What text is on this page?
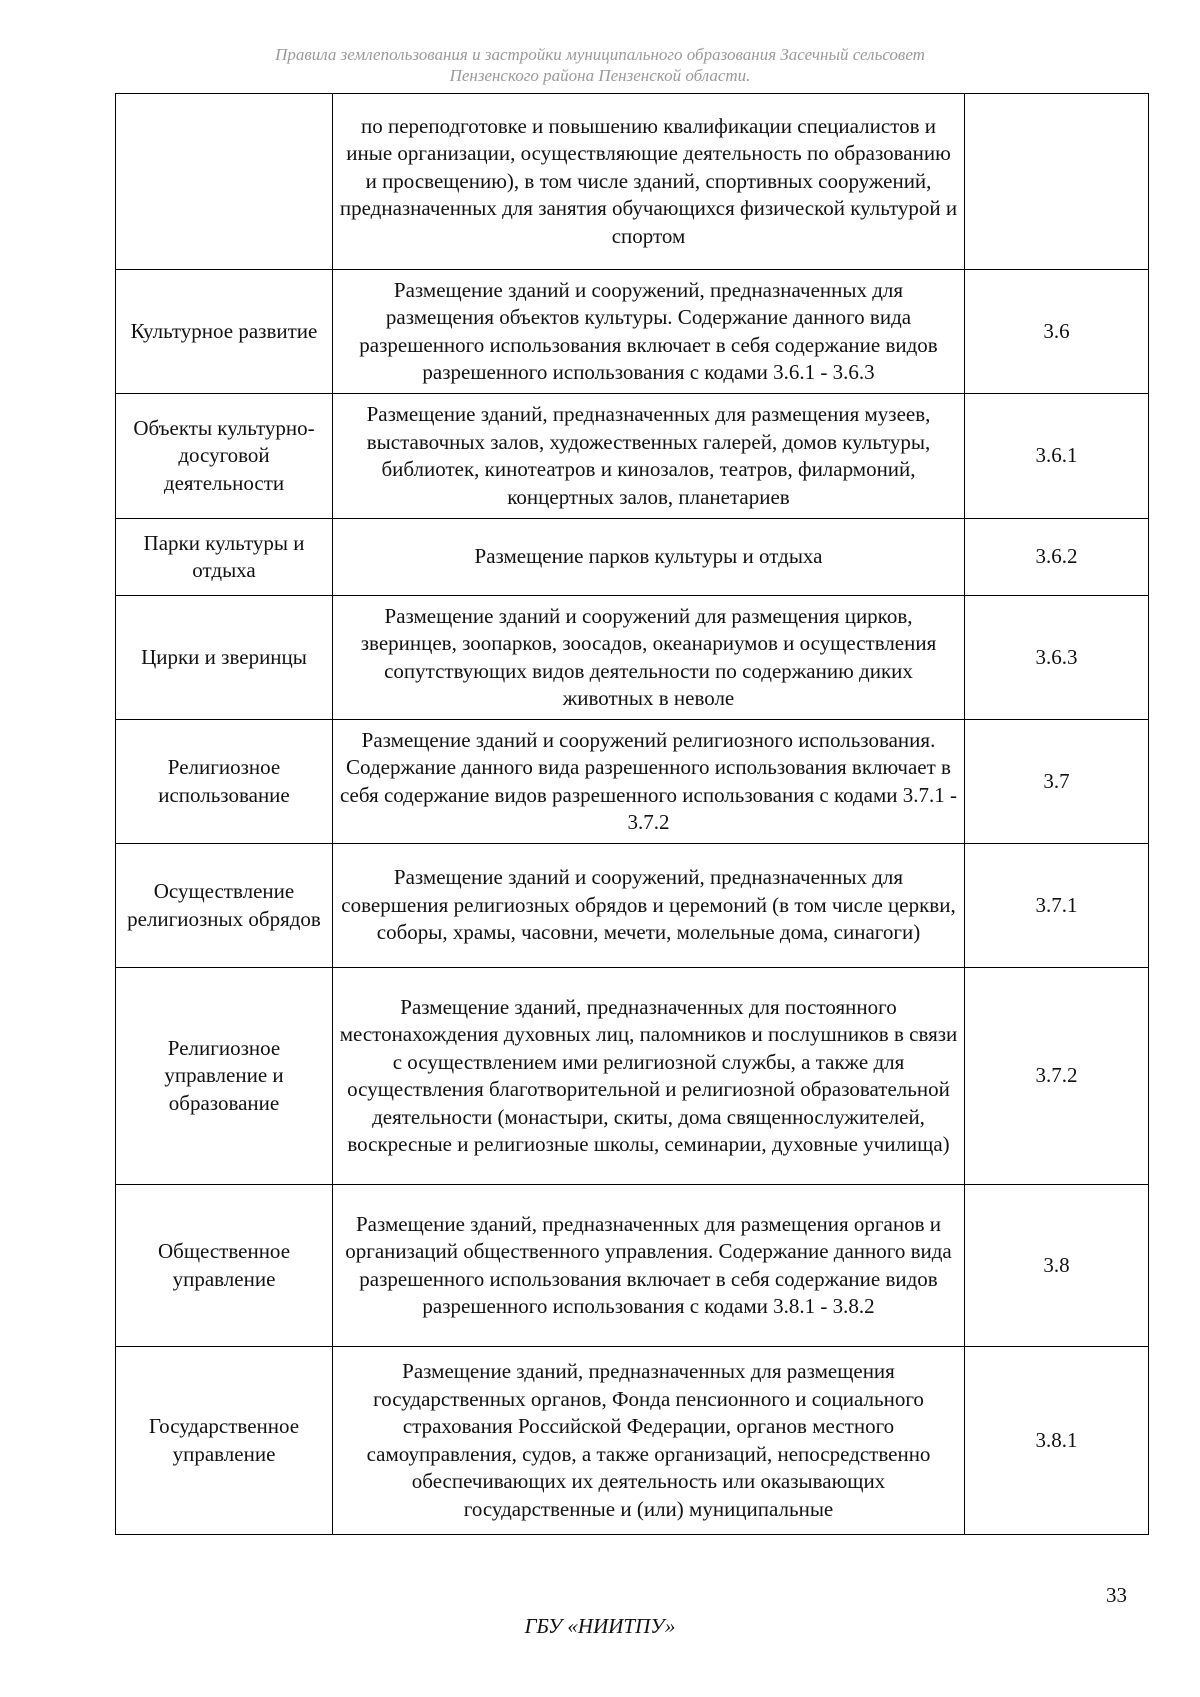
Правила землепользования и застройки муниципального образования Засечный сельсовет
Пензенского района Пензенской области.
	по переподготовке и повышению квалификации специалистов и иные организации, осуществляющие деятельность по образованию и просвещению), в том числе зданий, спортивных сооружений, предназначенных для занятия обучающихся физической культурой и спортом	
Культурное развитие	Размещение зданий и сооружений, предназначенных для размещения объектов культуры. Содержание данного вида разрешенного использования включает в себя содержание видов разрешенного использования с кодами 3.6.1 - 3.6.3	3.6
Объекты культурно-досуговой деятельности	Размещение зданий, предназначенных для размещения музеев, выставочных залов, художественных галерей, домов культуры, библиотек, кинотеатров и кинозалов, театров, филармоний, концертных залов, планетариев	3.6.1
Парки культуры и отдыха	Размещение парков культуры и отдыха	3.6.2
Цирки и зверинцы	Размещение зданий и сооружений для размещения цирков, зверинцев, зоопарков, зоосадов, океанариумов и осуществления сопутствующих видов деятельности по содержанию диких животных в неволе	3.6.3
Религиозное использование	Размещение зданий и сооружений религиозного использования. Содержание данного вида разрешенного использования включает в себя содержание видов разрешенного использования с кодами 3.7.1 - 3.7.2	3.7
Осуществление религиозных обрядов	Размещение зданий и сооружений, предназначенных для совершения религиозных обрядов и церемоний (в том числе церкви, соборы, храмы, часовни, мечети, молельные дома, синагоги)	3.7.1
Религиозное управление и образование	Размещение зданий, предназначенных для постоянного местонахождения духовных лиц, паломников и послушников в связи с осуществлением ими религиозной службы, а также для осуществления благотворительной и религиозной образовательной деятельности (монастыри, скиты, дома священнослужителей, воскресные и религиозные школы, семинарии, духовные училища)	3.7.2
Общественное управление	Размещение зданий, предназначенных для размещения органов и организаций общественного управления. Содержание данного вида разрешенного использования включает в себя содержание видов разрешенного использования с кодами 3.8.1 - 3.8.2	3.8
Государственное управление	Размещение зданий, предназначенных для размещения государственных органов, Фонда пенсионного и социального страхования Российской Федерации, органов местного самоуправления, судов, а также организаций, непосредственно обеспечивающих их деятельность или оказывающих государственные и (или) муниципальные	3.8.1
33
ГБУ «НИИТПУ»
